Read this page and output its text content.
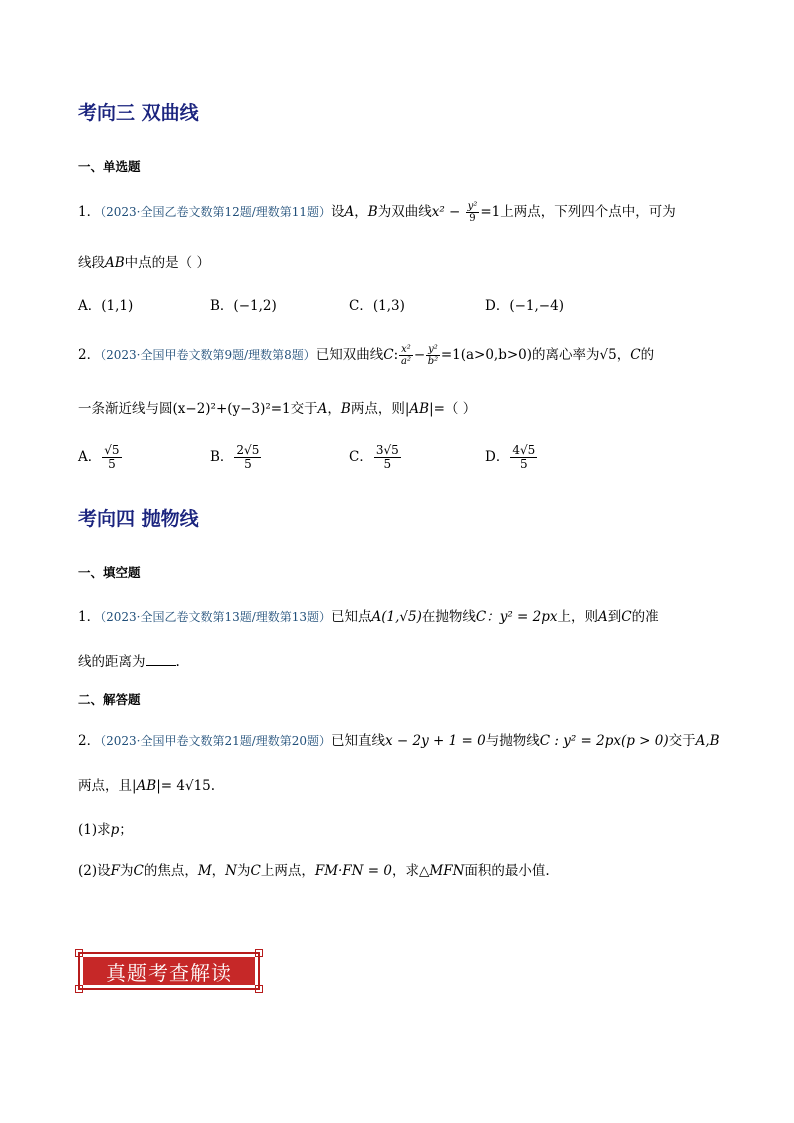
考向三 双曲线
一、单选题
1．（2023·全国乙卷文数第12题/理数第11题）设A，B为双曲线$x^2 - \frac{\text{y²}}{9} =1$上两点，下列四个点中，可为
线段AB中点的是（ ）
A．(1,1)	B．(−1,2)	C．(1,3)	D．(−1,−4)
2．（2023·全国甲卷文数第9题/理数第8题）已知双曲线C: $\frac{\text{x²}}{\text{a²}} - \frac{\text{y²}}{\text{b²}} =1(a>0,b>0)$的离心率为√5，C的
一条渐近线与圆(x−2)²+(y−3)²=1交于A，B两点，则|AB|=（ ）
A． $\frac{√5}{5}$	B． $\frac{2√5}{5}$	C． $\frac{3√5}{5}$	D． $\frac{4√5}{5}$
考向四 抛物线
一、填空题
1．（2023·全国乙卷文数第13题/理数第13题）已知点A(1,√5)在抛物线C：y² = 2px上，则A到C的准
线的距离为 .
二、解答题
2．（2023·全国甲卷文数第21题/理数第20题）已知直线x − 2y + 1 = 0与抛物线C : y² = 2px(p > 0)交于A,B
两点，且|AB|= 4√15.
(1)求p；
(2)设F为C的焦点，M，N为C上两点，FM·FN = 0，求△MFN面积的最小值.
真题考查解读
